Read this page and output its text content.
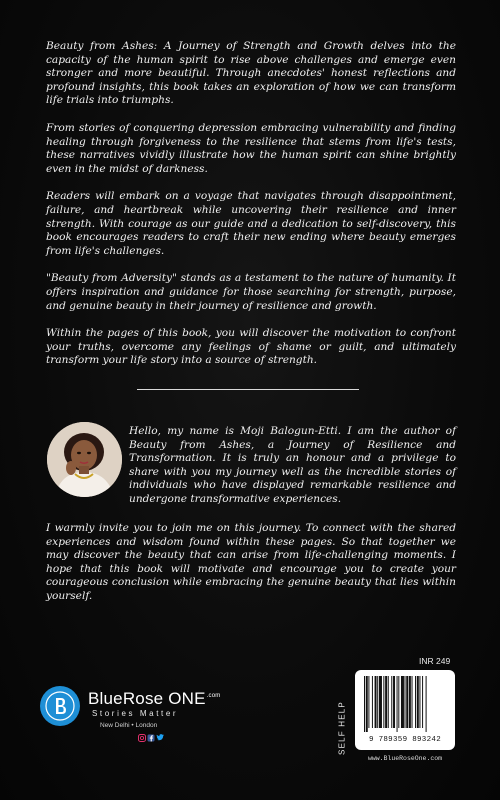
Beauty from Ashes: A Journey of Strength and Growth delves into the capacity of the human spirit to rise above challenges and emerge even stronger and more beautiful. Through anecdotes' honest reflections and profound insights, this book takes an exploration of how we can transform life trials into triumphs.

From stories of conquering depression embracing vulnerability and finding healing through forgiveness to the resilience that stems from life's tests, these narratives vividly illustrate how the human spirit can shine brightly even in the midst of darkness.

Readers will embark on a voyage that navigates through disappointment, failure, and heartbreak while uncovering their resilience and inner strength. With courage as our guide and a dedication to self-discovery, this book encourages readers to craft their new ending where beauty emerges from life's challenges.

"Beauty from Adversity" stands as a testament to the nature of humanity. It offers inspiration and guidance for those searching for strength, purpose, and genuine beauty in their journey of resilience and growth.

Within the pages of this book, you will discover the motivation to confront your truths, overcome any feelings of shame or guilt, and ultimately transform your life story into a source of strength.

Hello, my name is Moji Balogun-Etti. I am the author of Beauty from Ashes, a Journey of Resilience and Transformation. It is truly an honour and a privilege to share with you my journey well as the incredible stories of individuals who have displayed remarkable resilience and undergone transformative experiences.

I warmly invite you to join me on this journey. To connect with the shared experiences and wisdom found within these pages. So that together we may discover the beauty that can arise from life-challenging moments. I hope that this book will motivate and encourage you to create your courageous conclusion while embracing the genuine beauty that lies within yourself.

BlueRose $ONE^{.com}$
Stories Matter
New Delhi • London
INR 249
SELF HELP	9 789359 893242
www.BlueRoseOne.com
